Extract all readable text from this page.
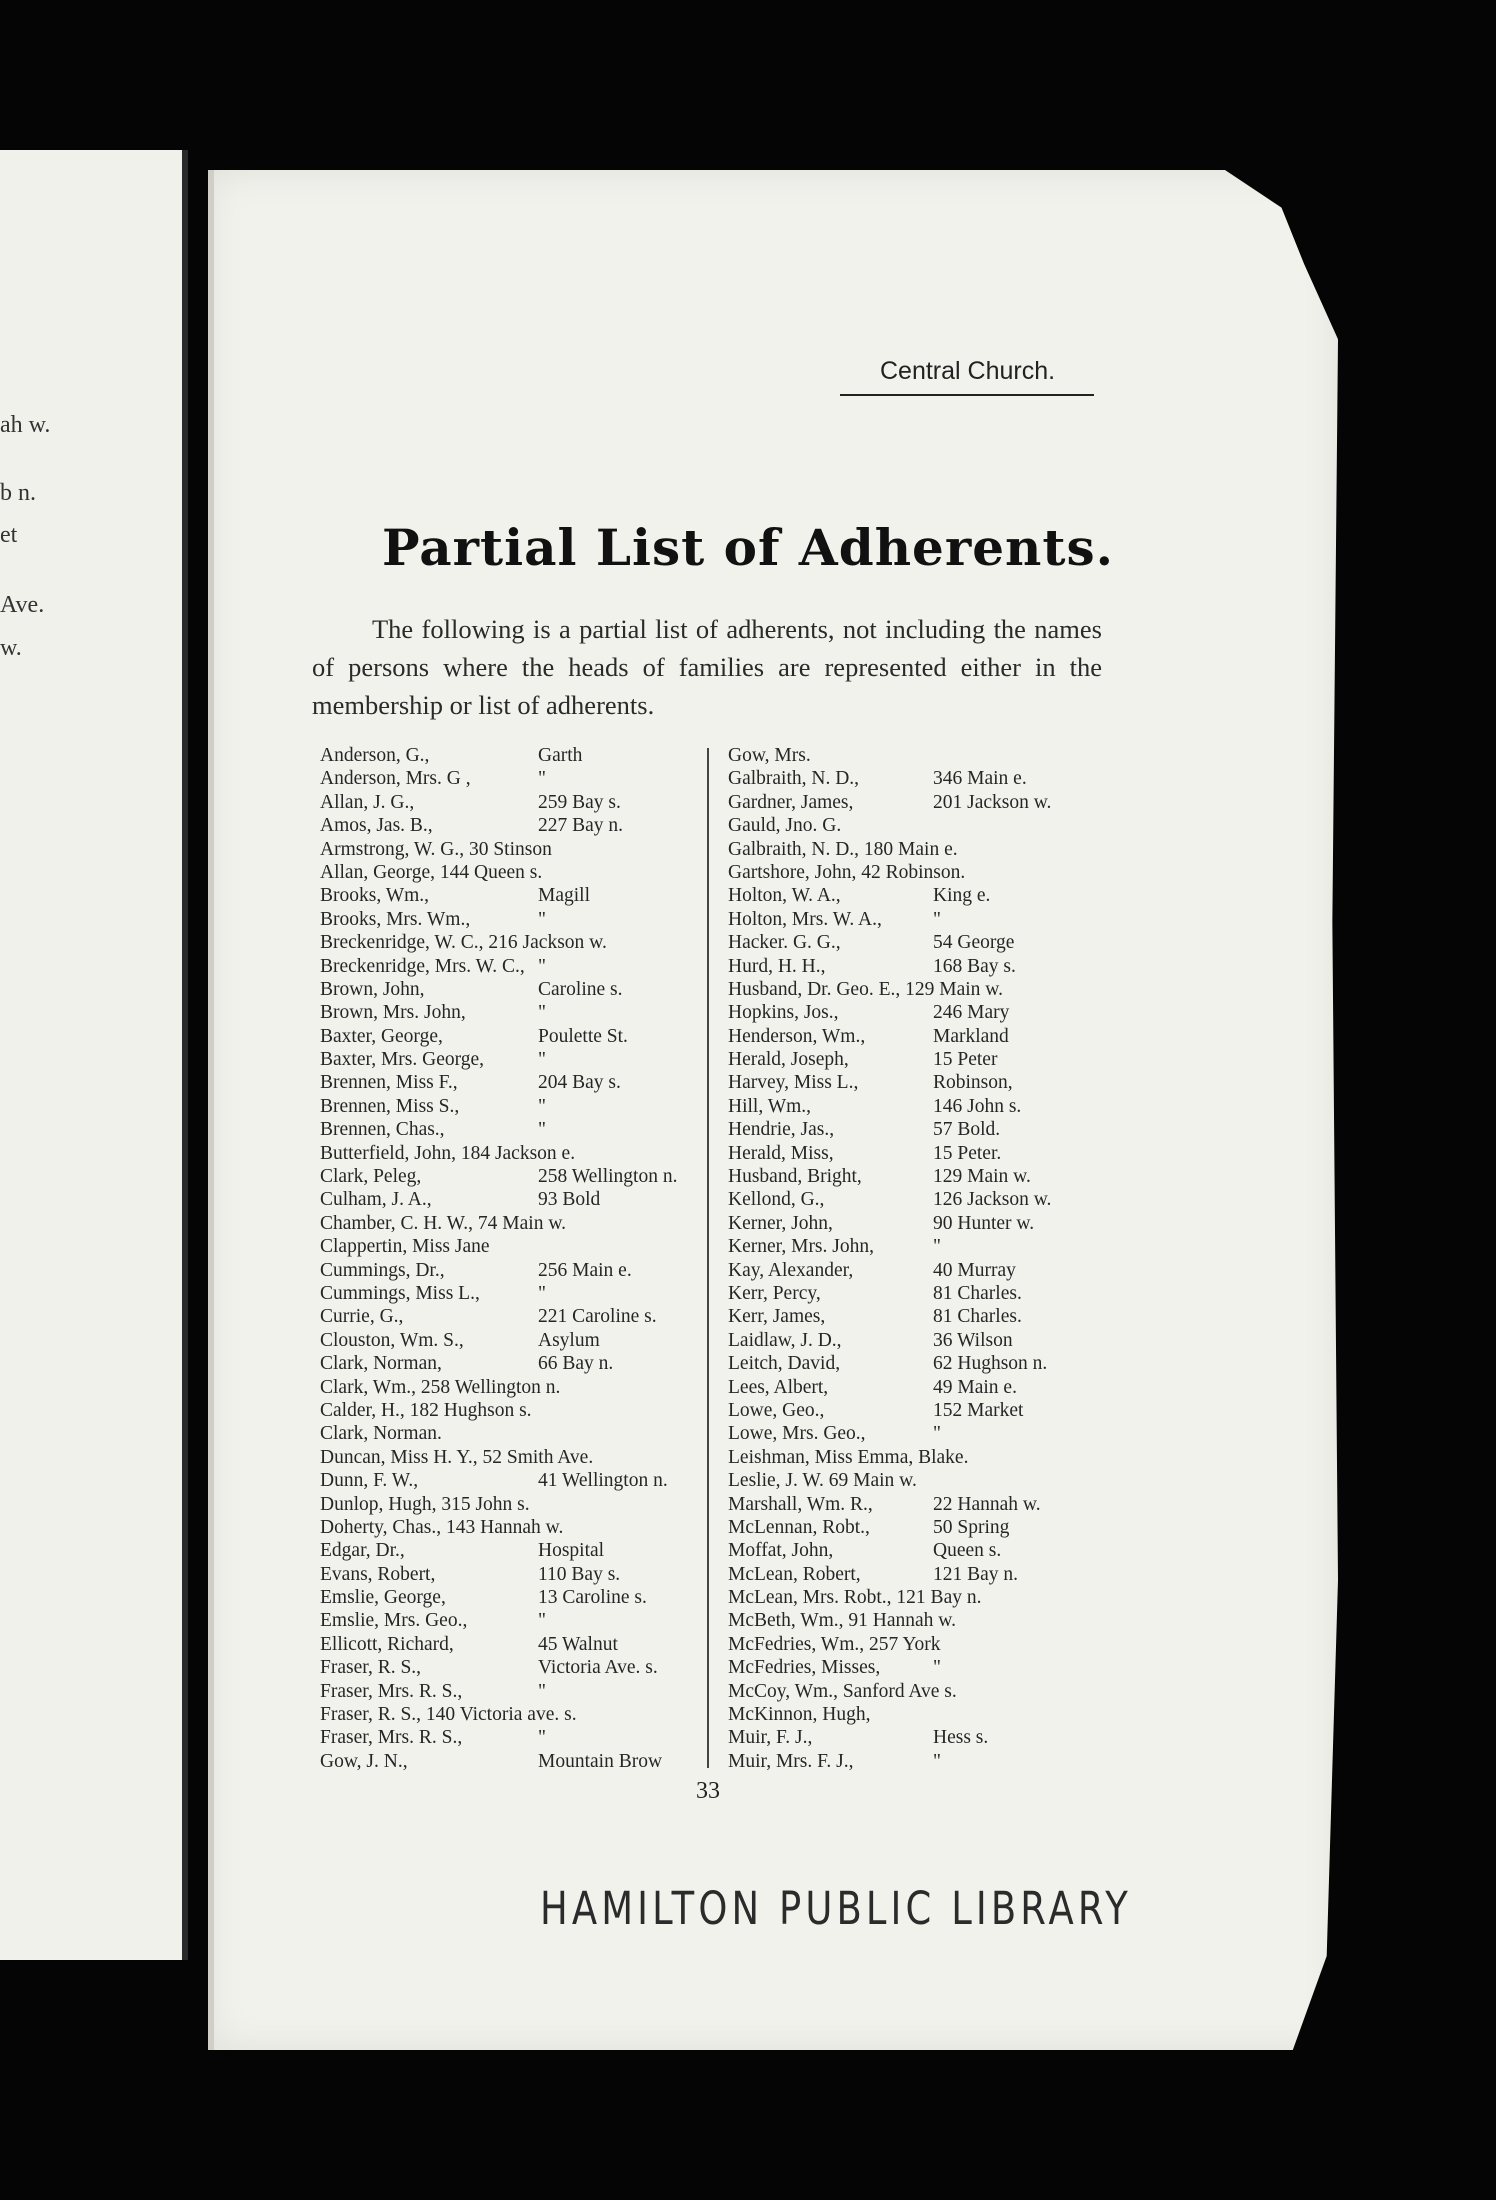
ah w.
b n.
et
Ave.
w.
Central Church.
Partial List of Adherents.
The following is a partial list of adherents, not including the names of persons where the heads of families are represented either in the membership or list of adherents.
Anderson, G.,	Garth
Anderson, Mrs. G ,	"
Allan, J. G.,	259 Bay s.
Amos, Jas. B.,	227 Bay n.
Armstrong, W. G., 30 Stinson
Allan, George, 144 Queen s.
Brooks, Wm.,	Magill
Brooks, Mrs. Wm.,	"
Breckenridge, W. C., 216 Jackson w.
Breckenridge, Mrs. W. C., "
Brown, John,	Caroline s.
Brown, Mrs. John,	"
Baxter, George,	Poulette St.
Baxter, Mrs. George,	"
Brennen, Miss F.,	204 Bay s.
Brennen, Miss S.,	"
Brennen, Chas.,	"
Butterfield, John, 184 Jackson e.
Clark, Peleg,	258 Wellington n.
Culham, J. A.,	93 Bold
Chamber, C. H. W., 74 Main w.
Clappertin, Miss Jane
Cummings, Dr.,	256 Main e.
Cummings, Miss L.,	"
Currie, G.,	221 Caroline s.
Clouston, Wm. S.,	Asylum
Clark, Norman,	66 Bay n.
Clark, Wm., 258 Wellington n.
Calder, H., 182 Hughson s.
Clark, Norman.
Duncan, Miss H. Y., 52 Smith Ave.
Dunn, F. W.,	41 Wellington n.
Dunlop, Hugh, 315 John s.
Doherty, Chas., 143 Hannah w.
Edgar, Dr.,	Hospital
Evans, Robert,	110 Bay s.
Emslie, George,	13 Caroline s.
Emslie, Mrs. Geo.,	"
Ellicott, Richard,	45 Walnut
Fraser, R. S.,	Victoria Ave. s.
Fraser, Mrs. R. S.,	"
Fraser, R. S., 140 Victoria ave. s.
Fraser, Mrs. R. S.,	"
Gow, J. N.,	Mountain Brow
Gow, Mrs.
Galbraith, N. D.,	346 Main e.
Gardner, James,	201 Jackson w.
Gauld, Jno. G.
Galbraith, N. D., 180 Main e.
Gartshore, John, 42 Robinson.
Holton, W. A.,	King e.
Holton, Mrs. W. A.,	"
Hacker. G. G.,	54 George
Hurd, H. H.,	168 Bay s.
Husband, Dr. Geo. E., 129 Main w.
Hopkins, Jos.,	246 Mary
Henderson, Wm.,	Markland
Herald, Joseph,	15 Peter
Harvey, Miss L.,	Robinson,
Hill, Wm.,	146 John s.
Hendrie, Jas.,	57 Bold.
Herald, Miss,	15 Peter.
Husband, Bright,	129 Main w.
Kellond, G.,	126 Jackson w.
Kerner, John,	90 Hunter w.
Kerner, Mrs. John,	"
Kay, Alexander,	40 Murray
Kerr, Percy,	81 Charles.
Kerr, James,	81 Charles.
Laidlaw, J. D.,	36 Wilson
Leitch, David,	62 Hughson n.
Lees, Albert,	49 Main e.
Lowe, Geo.,	152 Market
Lowe, Mrs. Geo.,	"
Leishman, Miss Emma, Blake.
Leslie, J. W. 69 Main w.
Marshall, Wm. R.,	22 Hannah w.
McLennan, Robt.,	50 Spring
Moffat, John,	Queen s.
McLean, Robert,	121 Bay n.
McLean, Mrs. Robt., 121 Bay n.
McBeth, Wm., 91 Hannah w.
McFedries, Wm., 257 York
McFedries, Misses,	"
McCoy, Wm., Sanford Ave s.
McKinnon, Hugh,
Muir, F. J.,	Hess s.
Muir, Mrs. F. J.,	"
33
HAMILTON PUBLIC LIBRARY
